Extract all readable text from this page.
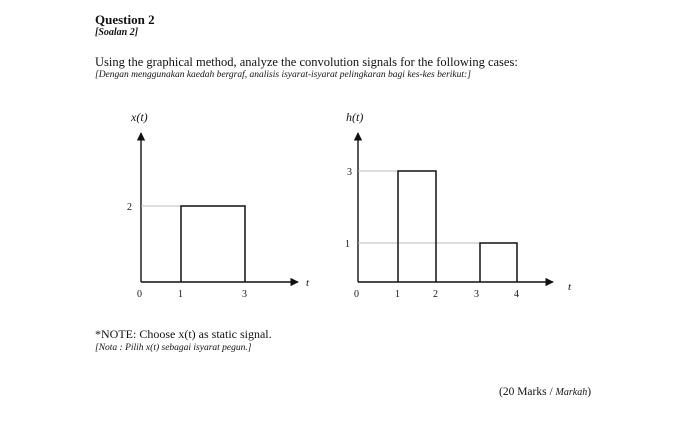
Question 2
[Soalan 2]
Using the graphical method, analyze the convolution signals for the following cases:
[Dengan menggunakan kaedah bergraf, analisis isyarat-isyarat pelingkaran bagi kes-kes berikut:]
x(t)
t
2
0	1	3
h(t)
t
3
1
0	1	2	3	4
*NOTE: Choose x(t) as static signal.
[Nota : Pilih x(t) sebagai isyarat pegun.]
(20 Marks / Markah)
